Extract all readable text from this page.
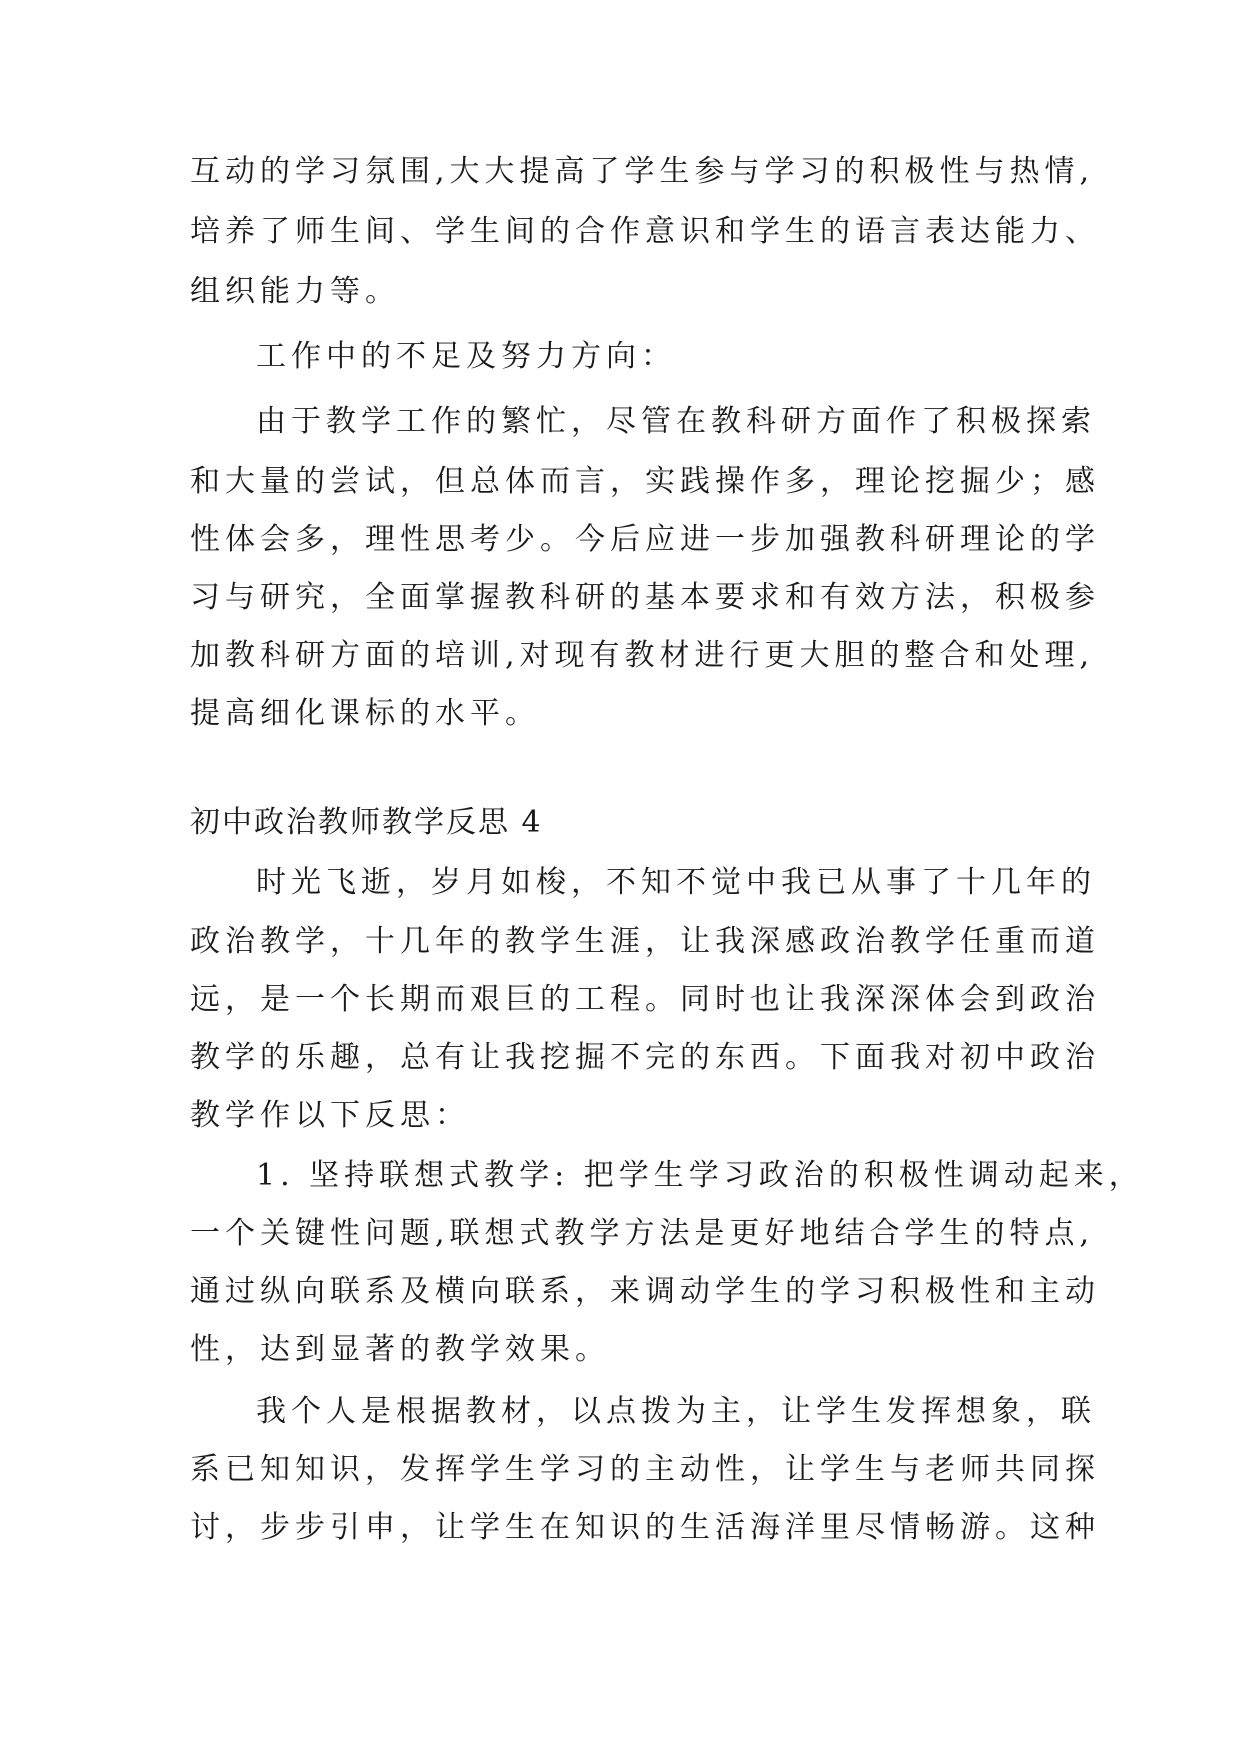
互动的学习氛围,大大提高了学生参与学习的积极性与热情,
培养了师生间、学生间的合作意识和学生的语言表达能力、
组织能力等。
工作中的不足及努力方向：
由于教学工作的繁忙，尽管在教科研方面作了积极探索
和大量的尝试，但总体而言，实践操作多，理论挖掘少；感
性体会多，理性思考少。今后应进一步加强教科研理论的学
习与研究，全面掌握教科研的基本要求和有效方法，积极参
加教科研方面的培训,对现有教材进行更大胆的整合和处理,
提高细化课标的水平。
初中政治教师教学反思 4
时光飞逝，岁月如梭，不知不觉中我已从事了十几年的
政治教学，十几年的教学生涯，让我深感政治教学任重而道
远，是一个长期而艰巨的工程。同时也让我深深体会到政治
教学的乐趣，总有让我挖掘不完的东西。下面我对初中政治
教学作以下反思：
1. 坚持联想式教学: 把学生学习政治的积极性调动起来，
一个关键性问题,联想式教学方法是更好地结合学生的特点,
通过纵向联系及横向联系，来调动学生的学习积极性和主动
性，达到显著的教学效果。
我个人是根据教材，以点拨为主，让学生发挥想象，联
系已知知识，发挥学生学习的主动性，让学生与老师共同探
讨，步步引申，让学生在知识的生活海洋里尽情畅游。这种
